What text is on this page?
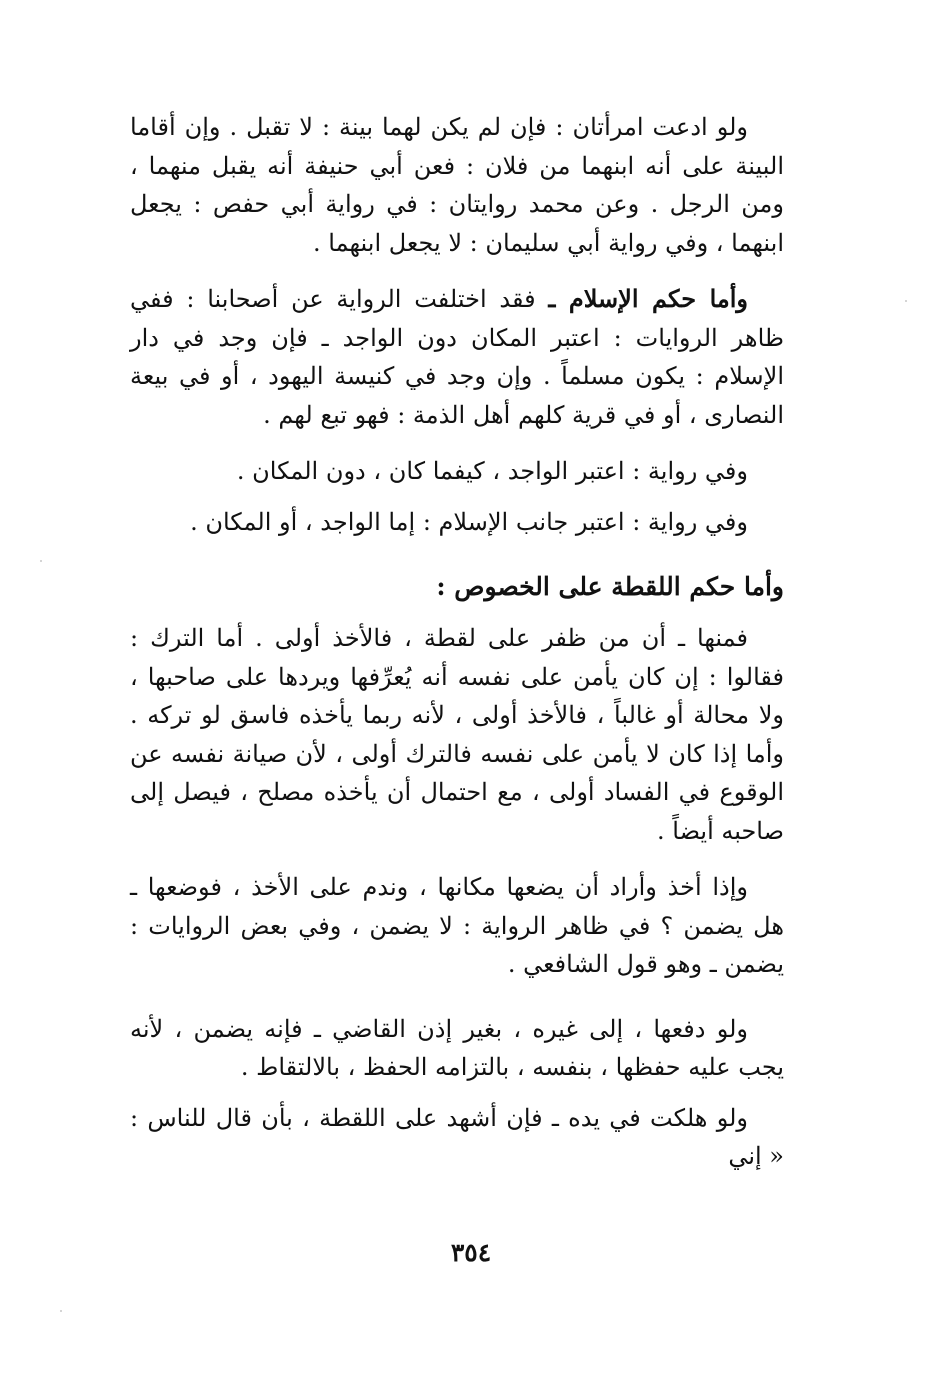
ولو ادعت امرأتان : فإن لم يكن لهما بينة : لا تقبل . وإن أقاما البينة على أنه ابنهما من فلان : فعن أبي حنيفة أنه يقبل منهما ، ومن الرجل . وعن محمد روايتان : في رواية أبي حفص : يجعل ابنهما ، وفي رواية أبي سليمان : لا يجعل ابنهما .

وأما حكم الإسلام ـ فقد اختلفت الرواية عن أصحابنا : ففي ظاهر الروايات : اعتبر المكان دون الواجد ـ فإن وجد في دار الإسلام : يكون مسلماً . وإن وجد في كنيسة اليهود ، أو في بيعة النصارى ، أو في قرية كلهم أهل الذمة : فهو تبع لهم .

وفي رواية : اعتبر الواجد ، كيفما كان ، دون المكان .

وفي رواية : اعتبر جانب الإسلام : إما الواجد ، أو المكان .

وأما حكم اللقطة على الخصوص :

فمنها ـ أن من ظفر على لقطة ، فالأخذ أولى . أما الترك : فقالوا : إن كان يأمن على نفسه أنه يُعرِّفها ويردها على صاحبها ، ولا محالة أو غالباً ، فالأخذ أولى ، لأنه ربما يأخذه فاسق لو تركه . وأما إذا كان لا يأمن على نفسه فالترك أولى ، لأن صيانة نفسه عن الوقوع في الفساد أولى ، مع احتمال أن يأخذه مصلح ، فيصل إلى صاحبه أيضاً .

وإذا أخذ وأراد أن يضعها مكانها ، وندم على الأخذ ، فوضعها ـ هل يضمن ؟ في ظاهر الرواية : لا يضمن ، وفي بعض الروايات : يضمن ـ وهو قول الشافعي .

ولو دفعها ، إلى غيره ، بغير إذن القاضي ـ فإنه يضمن ، لأنه يجب عليه حفظها ، بنفسه ، بالتزامه الحفظ ، بالالتقاط .

ولو هلكت في يده ـ فإن أشهد على اللقطة ، بأن قال للناس : « إني

٣٥٤
